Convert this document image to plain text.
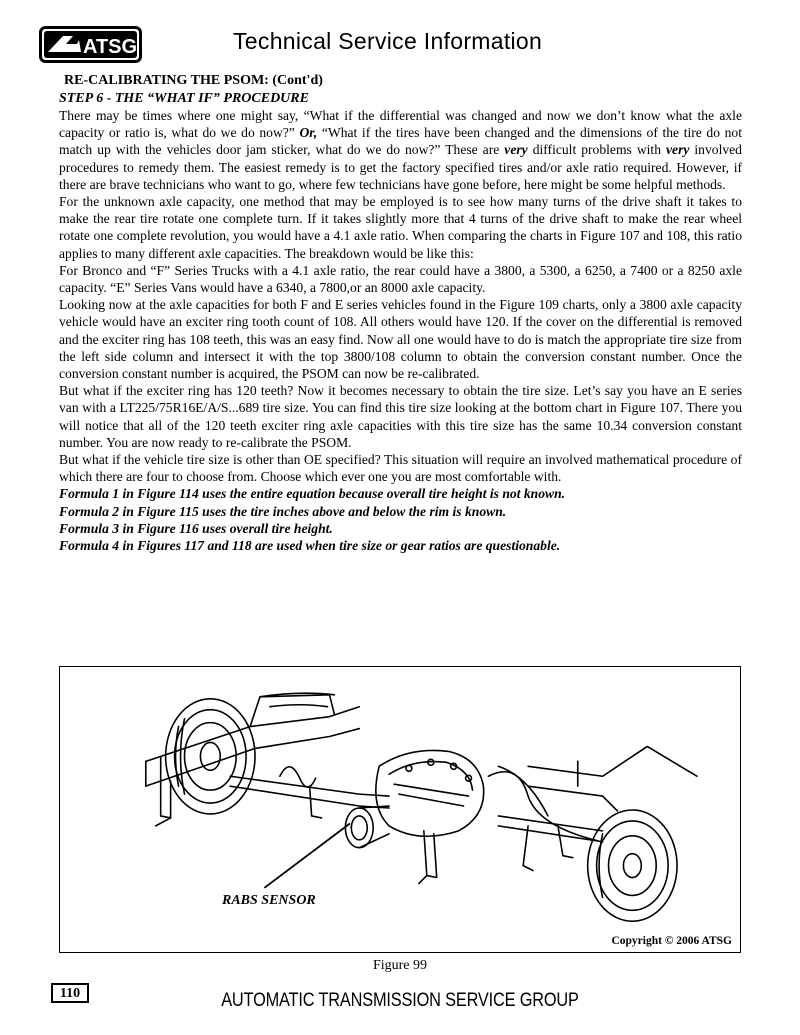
ATSG	Technical Service Information
RE-CALIBRATING THE PSOM: (Cont'd)
STEP 6 - THE “WHAT IF” PROCEDURE

There may be times where one might say, “What if the differential was changed and now we don’t know what the axle capacity or ratio is, what do we do now?” Or, “What if the tires have been changed and the dimensions of the tire do not match up with the vehicles door jam sticker, what do we do now?” These are very difficult problems with very involved procedures to remedy them. The easiest remedy is to get the factory specified tires and/or axle ratio required. However, if there are brave technicians who want to go, where few technicians have gone before, here might be some helpful methods.

For the unknown axle capacity, one method that may be employed is to see how many turns of the drive shaft it takes to make the rear tire rotate one complete turn. If it takes slightly more that 4 turns of the drive shaft to make the rear wheel rotate one complete revolution, you would have a 4.1 axle ratio. When comparing the charts in Figure 107 and 108, this ratio applies to many different axle capacities. The breakdown would be like this:

For Bronco and “F” Series Trucks with a 4.1 axle ratio, the rear could have a 3800, a 5300, a 6250, a 7400 or a 8250 axle capacity. “E” Series Vans would have a 6340, a 7800,or an 8000 axle capacity.

Looking now at the axle capacities for both F and E series vehicles found in the Figure 109 charts, only a 3800 axle capacity vehicle would have an exciter ring tooth count of 108. All others would have 120. If the cover on the differential is removed and the exciter ring has 108 teeth, this was an easy find. Now all one would have to do is match the appropriate tire size from the left side column and intersect it with the top 3800/108 column to obtain the conversion constant number. Once the conversion constant number is acquired, the PSOM can now be re-calibrated.

But what if the exciter ring has 120 teeth? Now it becomes necessary to obtain the tire size. Let’s say you have an E series van with a LT225/75R16E/A/S...689 tire size. You can find this tire size looking at the bottom chart in Figure 107. There you will notice that all of the 120 teeth exciter ring axle capacities with this tire size has the same 10.34 conversion constant number. You are now ready to re-calibrate the PSOM.

But what if the vehicle tire size is other than OE specified? This situation will require an involved mathematical procedure of which there are four to choose from. Choose which ever one you are most comfortable with.

Formula 1 in Figure 114 uses the entire equation because overall tire height is not known.

Formula 2 in Figure 115 uses the tire inches above and below the rim is known.

Formula 3 in Figure 116 uses overall tire height.

Formula 4 in Figures 117 and 118 are used when tire size or gear ratios are questionable.

RABS SENSOR
Copyright © 2006 ATSG
Figure 99
110	AUTOMATIC TRANSMISSION SERVICE GROUP
